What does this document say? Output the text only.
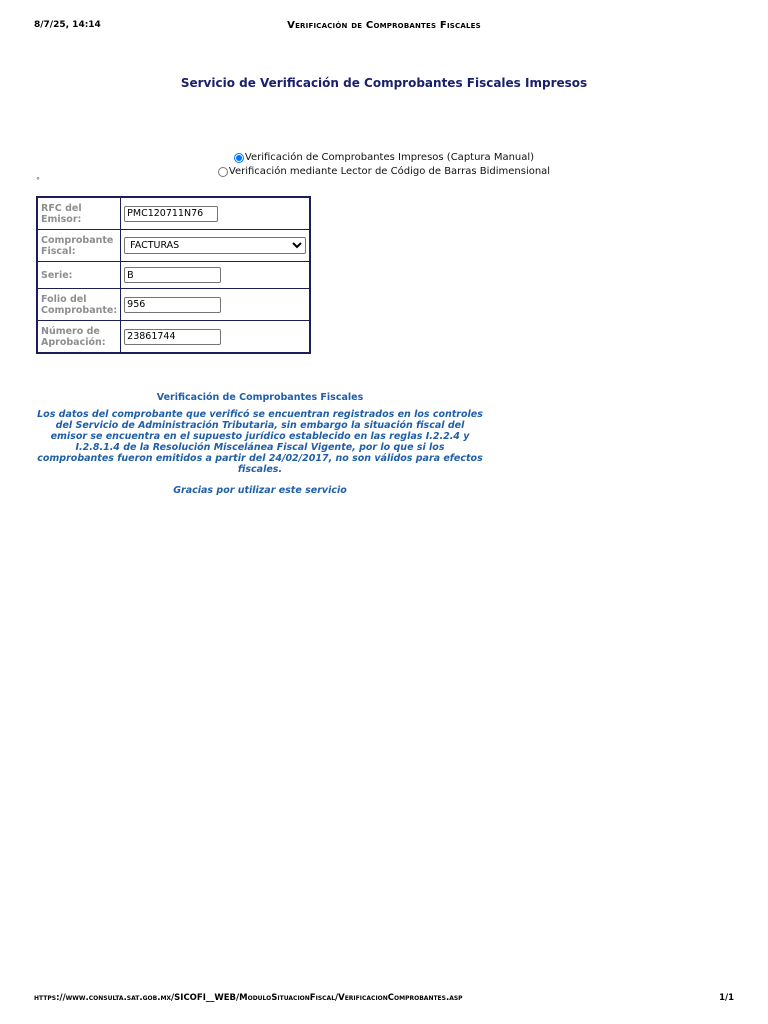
8/7/25, 14:14	Verificación de Comprobantes Fiscales
Servicio de Verificación de Comprobantes Fiscales Impresos
Verificación de Comprobantes Impresos (Captura Manual)
Verificación mediante Lector de Código de Barras Bidimensional
°
RFC del Emisor:	PMC120711N76
Comprobante Fiscal:	
FACTURAS
Serie:	B
Folio del Comprobante:	956
Número de Aprobación:	23861744
Verificación de Comprobantes Fiscales
Los datos del comprobante que verificó se encuentran registrados en los controles del Servicio de Administración Tributaria, sin embargo la situación fiscal del emisor se encuentra en el supuesto jurídico establecido en las reglas I.2.2.4 y I.2.8.1.4 de la Resolución Miscelánea Fiscal Vigente, por lo que si los comprobantes fueron emitidos a partir del 24/02/2017, no son válidos para efectos fiscales.
Gracias por utilizar este servicio
https://www.consulta.sat.gob.mx/SICOFI__WEB/ModuloSituacionFiscal/VerificacionComprobantes.asp	1/1
